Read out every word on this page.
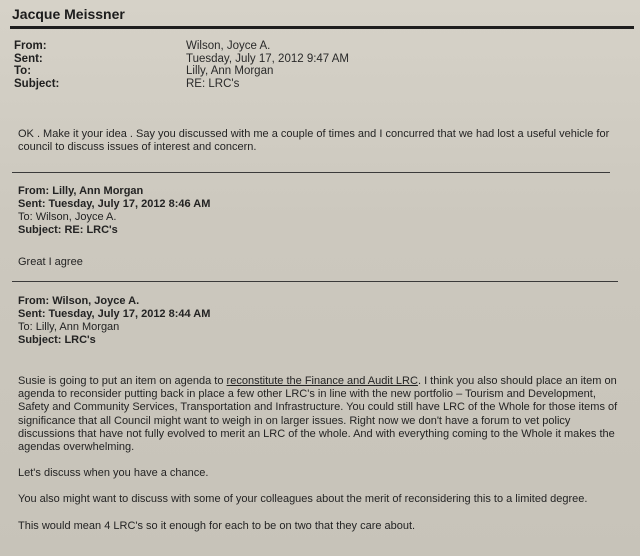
Jacque Meissner
From:	Wilson, Joyce A.
Sent:	Tuesday, July 17, 2012 9:47 AM
To:	Lilly, Ann Morgan
Subject:	RE: LRC's
OK . Make it your idea . Say you discussed with me a couple of times and I concurred that we had lost a useful vehicle for council to discuss issues of interest and concern.
From: Lilly, Ann Morgan
Sent: Tuesday, July 17, 2012 8:46 AM
To: Wilson, Joyce A.
Subject: RE: LRC's
Great I agree
From: Wilson, Joyce A.
Sent: Tuesday, July 17, 2012 8:44 AM
To: Lilly, Ann Morgan
Subject: LRC's
Susie is going to put an item on agenda to reconstitute the Finance and Audit LRC. I think you also should place an item on agenda to reconsider putting back in place a few other LRC's in line with the new portfolio – Tourism and Development, Safety and Community Services, Transportation and Infrastructure. You could still have LRC of the Whole for those items of significance that all Council might want to weigh in on larger issues. Right now we don't have a forum to vet policy discussions that have not fully evolved to merit an LRC of the whole. And with everything coming to the Whole it makes the agendas overwhelming.
Let's discuss when you have a chance.
You also might want to discuss with some of your colleagues about the merit of reconsidering this to a limited degree.
This would mean 4 LRC's so it enough for each to be on two that they care about.
